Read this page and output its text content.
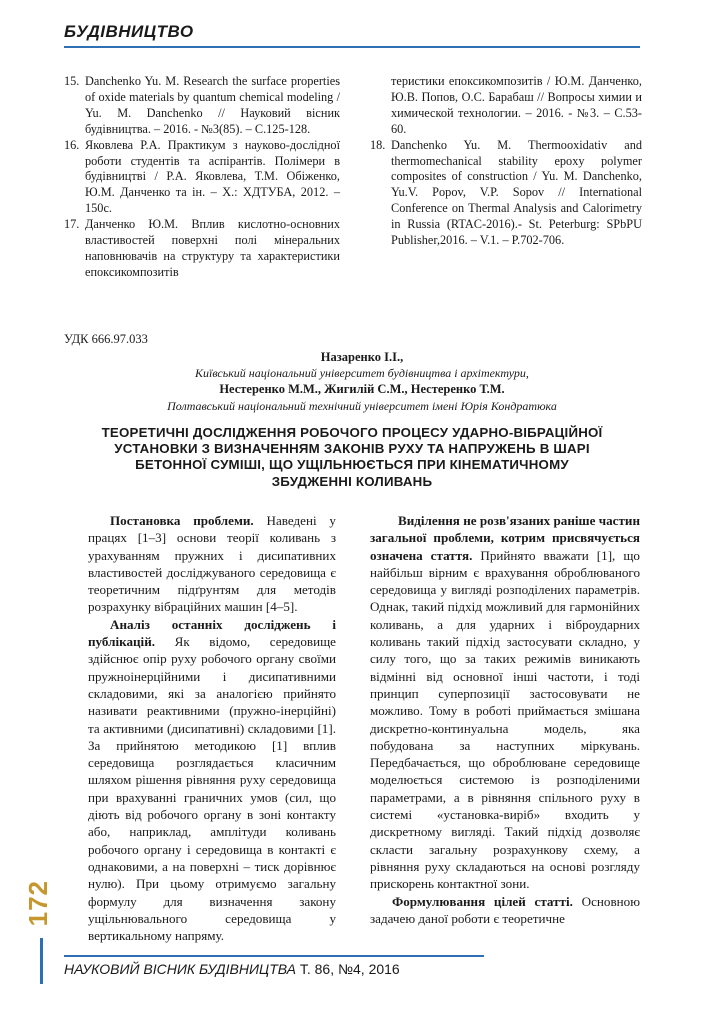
БУДІВНИЦТВО
15. Danchenko Yu. M. Research the surface properties of oxide materials by quantum chemical modeling / Yu. M. Danchenko // Науковий вісник будівництва. – 2016. - №3(85). – С.125-128.
16. Яковлева Р.А. Практикум з науково-дослідної роботи студентів та аспірантів. Полімери в будівництві / Р.А. Яковлева, Т.М. Обіженко, Ю.М. Данченко та ін. – Х.: ХДТУБА, 2012. – 150с.
17. Данченко Ю.М. Вплив кислотно-основних властивостей поверхні полі мінеральних наповнювачів на структуру та характеристики епоксикомпозитів
теристики епоксикомпозитів / Ю.М. Данченко, Ю.В. Попов, О.С. Барабаш // Вопросы химии и химической технологии. – 2016. - №3. – С.53-60.
18. Danchenko Yu. M. Thermooxidativ and thermomechanical stability epoxy polymer composites of construction / Yu. M. Danchenko, Yu.V. Popov, V.P. Sopov // International Conference on Thermal Analysis and Calorimetry in Russia (RTAC-2016).- St. Peterburg: SPbPU Publisher,2016. – V.1. – P.702-706.
УДК 666.97.033
Назаренко І.І.,
Київський національний університет будівництва і архітектури,
Нестеренко М.М., Жигилій С.М., Нестеренко Т.М.
Полтавський національний технічний університет імені Юрія Кондратюка
ТЕОРЕТИЧНІ ДОСЛІДЖЕННЯ РОБОЧОГО ПРОЦЕСУ УДАРНО-ВІБРАЦІЙНОЇ
УСТАНОВКИ З ВИЗНАЧЕННЯМ ЗАКОНІВ РУХУ ТА НАПРУЖЕНЬ В ШАРІ
БЕТОННОЇ СУМІШІ, ЩО УЩІЛЬНЮЄТЬСЯ ПРИ КІНЕМАТИЧНОМУ
ЗБУДЖЕННІ КОЛИВАНЬ

Постановка проблеми. Наведені у працях [1–3] основи теорії коливань з урахуванням пружних і дисипативних властивостей досліджуваного середовища є теоретичним підґрунтям для методів розрахунку вібраційних машин [4–5].

Аналіз останніх досліджень і публікацій. Як відомо, середовище здійснює опір руху робочого органу своїми пружноінерційними і дисипативними складовими, які за аналогією прийнято називати реактивними (пружно-інерційні) та активними (дисипативні) складовими [1]. За прийнятою методикою [1] вплив середовища розглядається класичним шляхом рішення рівняння руху середовища при врахуванні граничних умов (сил, що діють від робочого органу в зоні контакту або, наприклад, амплітуди коливань робочого органу і середовища в контакті є однаковими, а на поверхні – тиск дорівнює нулю). При цьому отримуємо загальну формулу для визначення закону ущільнювального середовища у вертикальному напряму.

Виділення не розв'язаних раніше частин загальної проблеми, котрим присвячується означена стаття. Прийнято вважати [1], що найбільш вірним є врахування оброблюваного середовища у вигляді розподілених параметрів. Однак, такий підхід можливий для гармонійних коливань, а для ударних і віброударних коливань такий підхід застосувати складно, у силу того, що за таких режимів виникають відмінні від основної інші частоти, і тоді принцип суперпозиції застосовувати не можливо. Тому в роботі приймається змішана дискретно-континуальна модель, яка побудована за наступних міркувань. Передбачається, що оброблюване середовище моделюється системою із розподіленими параметрами, а в рівняння спільного руху в системі «установка-виріб» входить у дискретному вигляді. Такий підхід дозволяє скласти загальну розрахункову схему, а рівняння руху складаються на основі розгляду прискорень контактної зони.

Формулювання цілей статті. Основною задачею даної роботи є теоретичне

172
НАУКОВИЙ ВІСНИК БУДІВНИЦТВА Т. 86, №4, 2016
